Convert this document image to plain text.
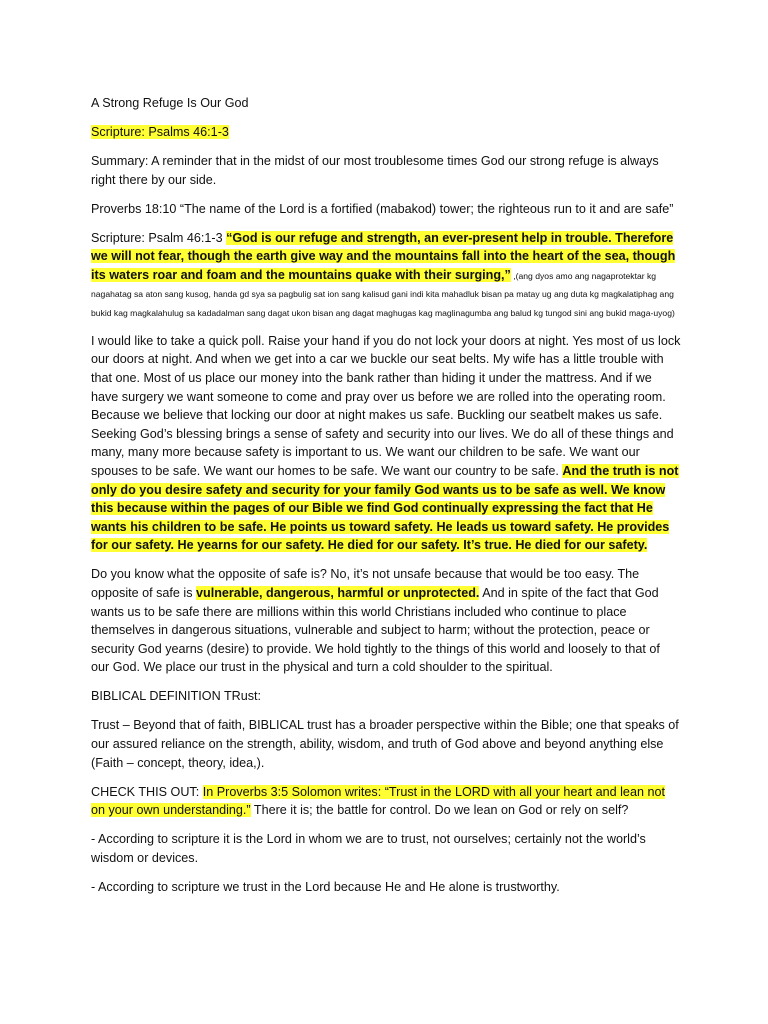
A Strong Refuge Is Our God

Scripture: Psalms 46:1-3

Summary: A reminder that in the midst of our most troublesome times God our strong refuge is always right there by our side.

Proverbs 18:10 “The name of the Lord is a fortified (mabakod) tower; the righteous run to it and are safe”

Scripture: Psalm 46:1-3 “God is our refuge and strength, an ever-present help in trouble. Therefore we will not fear, though the earth give way and the mountains fall into the heart of the sea, though its waters roar and foam and the mountains quake with their surging,” ,(ang dyos amo ang nagaprotektar kg nagahatag sa aton sang kusog, handa gd sya sa pagbulig sat ion sang kalisud gani indi kita mahadluk bisan pa matay ug ang duta kg magkalatiphag ang bukid kag magkalahulug sa kadadalman sang dagat ukon bisan ang dagat maghugas kag maglinagumba ang balud kg tungod sini ang bukid maga-uyog)

I would like to take a quick poll. Raise your hand if you do not lock your doors at night. Yes most of us lock our doors at night. And when we get into a car we buckle our seat belts. My wife has a little trouble with that one. Most of us place our money into the bank rather than hiding it under the mattress. And if we have surgery we want someone to come and pray over us before we are rolled into the operating room. Because we believe that locking our door at night makes us safe. Buckling our seatbelt makes us safe. Seeking God’s blessing brings a sense of safety and security into our lives. We do all of these things and many, many more because safety is important to us. We want our children to be safe. We want our spouses to be safe. We want our homes to be safe. We want our country to be safe. And the truth is not only do you desire safety and security for your family God wants us to be safe as well. We know this because within the pages of our Bible we find God continually expressing the fact that He wants his children to be safe. He points us toward safety. He leads us toward safety. He provides for our safety. He yearns for our safety. He died for our safety. It’s true. He died for our safety.

Do you know what the opposite of safe is? No, it’s not unsafe because that would be too easy. The opposite of safe is vulnerable, dangerous, harmful or unprotected. And in spite of the fact that God wants us to be safe there are millions within this world Christians included who continue to place themselves in dangerous situations, vulnerable and subject to harm; without the protection, peace or security God yearns (desire) to provide. We hold tightly to the things of this world and loosely to that of our God. We place our trust in the physical and turn a cold shoulder to the spiritual.

BIBLICAL DEFINITION TRust:

Trust – Beyond that of faith, BIBLICAL trust has a broader perspective within the Bible; one that speaks of our assured reliance on the strength, ability, wisdom, and truth of God above and beyond anything else (Faith – concept, theory, idea,).

CHECK THIS OUT: In Proverbs 3:5 Solomon writes: “Trust in the LORD with all your heart and lean not on your own understanding.” There it is; the battle for control. Do we lean on God or rely on self?

- According to scripture it is the Lord in whom we are to trust, not ourselves; certainly not the world’s wisdom or devices.

- According to scripture we trust in the Lord because He and He alone is trustworthy.
